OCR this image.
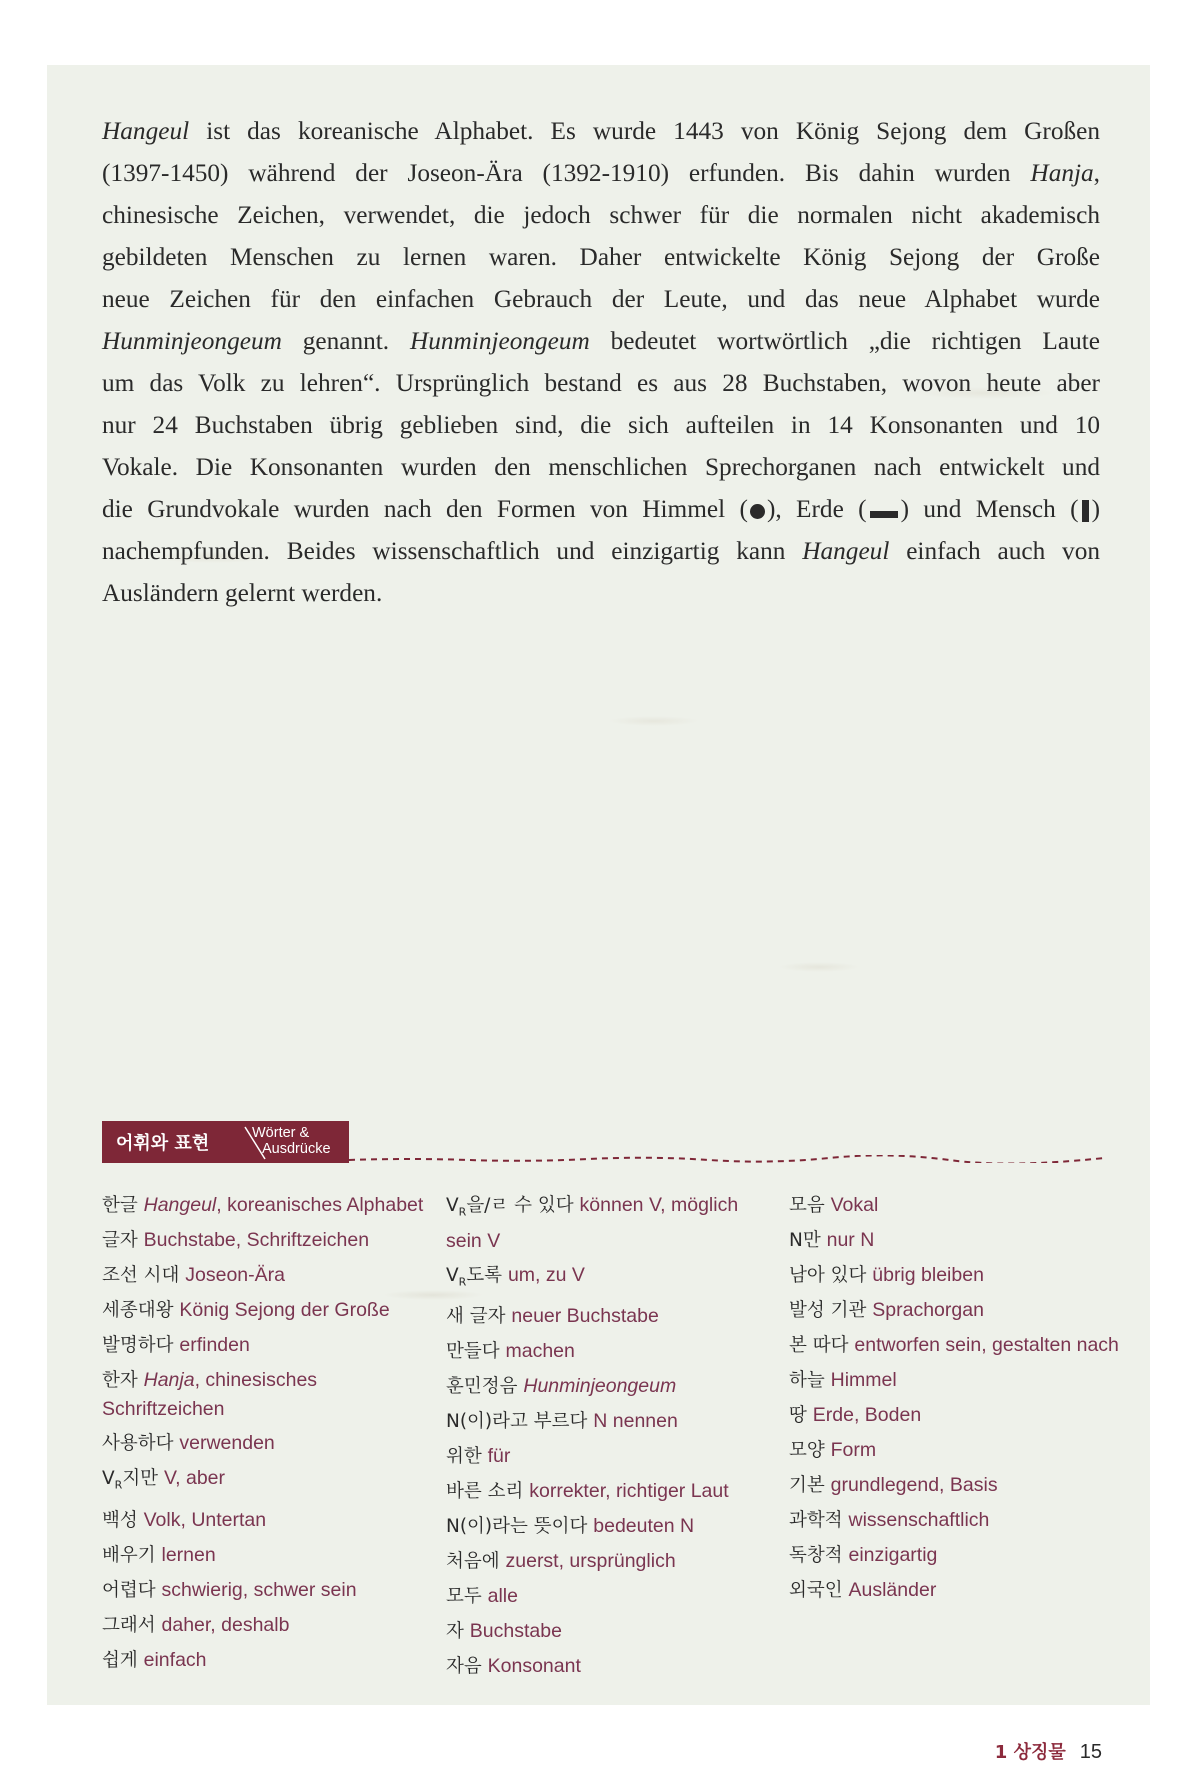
Hangeul ist das koreanische Alphabet. Es wurde 1443 von König Sejong dem Großen
(1397-1450) während der Joseon-Ära (1392-1910) erfunden. Bis dahin wurden Hanja,
chinesische Zeichen, verwendet, die jedoch schwer für die normalen nicht akademisch
gebildeten Menschen zu lernen waren. Daher entwickelte König Sejong der Große
neue Zeichen für den einfachen Gebrauch der Leute, und das neue Alphabet wurde
Hunminjeongeum genannt. Hunminjeongeum bedeutet wortwörtlich „die richtigen Laute
um das Volk zu lehren“. Ursprünglich bestand es aus 28 Buchstaben, wovon heute aber
nur 24 Buchstaben übrig geblieben sind, die sich aufteilen in 14 Konsonanten und 10
Vokale. Die Konsonanten wurden den menschlichen Sprechorganen nach entwickelt und
die Grundvokale wurden nach den Formen von Himmel ( ), Erde ( ) und Mensch ( )
nachempfunden. Beides wissenschaftlich und einzigartig kann Hangeul einfach auch von
Ausländern gelernt werden.
어휘와 표현	Wörter &
Ausdrücke
한글 Hangeul, koreanisches Alphabet
글자 Buchstabe, Schriftzeichen
조선 시대 Joseon-Ära
세종대왕 König Sejong der Große
발명하다 erfinden
한자 Hanja, chinesisches Schriftzeichen
사용하다 verwenden
$V_R$지만 V, aber
백성 Volk, Untertan
배우기 lernen
어렵다 schwierig, schwer sein
그래서 daher, deshalb
쉽게 einfach
$V_R$을/ㄹ 수 있다 können V, möglich sein V
$V_R$도록 um, zu V
새 글자 neuer Buchstabe
만들다 machen
훈민정음 Hunminjeongeum
N(이)라고 부르다 N nennen
위한 für
바른 소리 korrekter, richtiger Laut
N(이)라는 뜻이다 bedeuten N
처음에 zuerst, ursprünglich
모두 alle
자 Buchstabe
자음 Konsonant
모음 Vokal
N만 nur N
남아 있다 übrig bleiben
발성 기관 Sprachorgan
본 따다 entworfen sein, gestalten nach
하늘 Himmel
땅 Erde, Boden
모양 Form
기본 grundlegend, Basis
과학적 wissenschaftlich
독창적 einzigartig
외국인 Ausländer
1 상징물 15
